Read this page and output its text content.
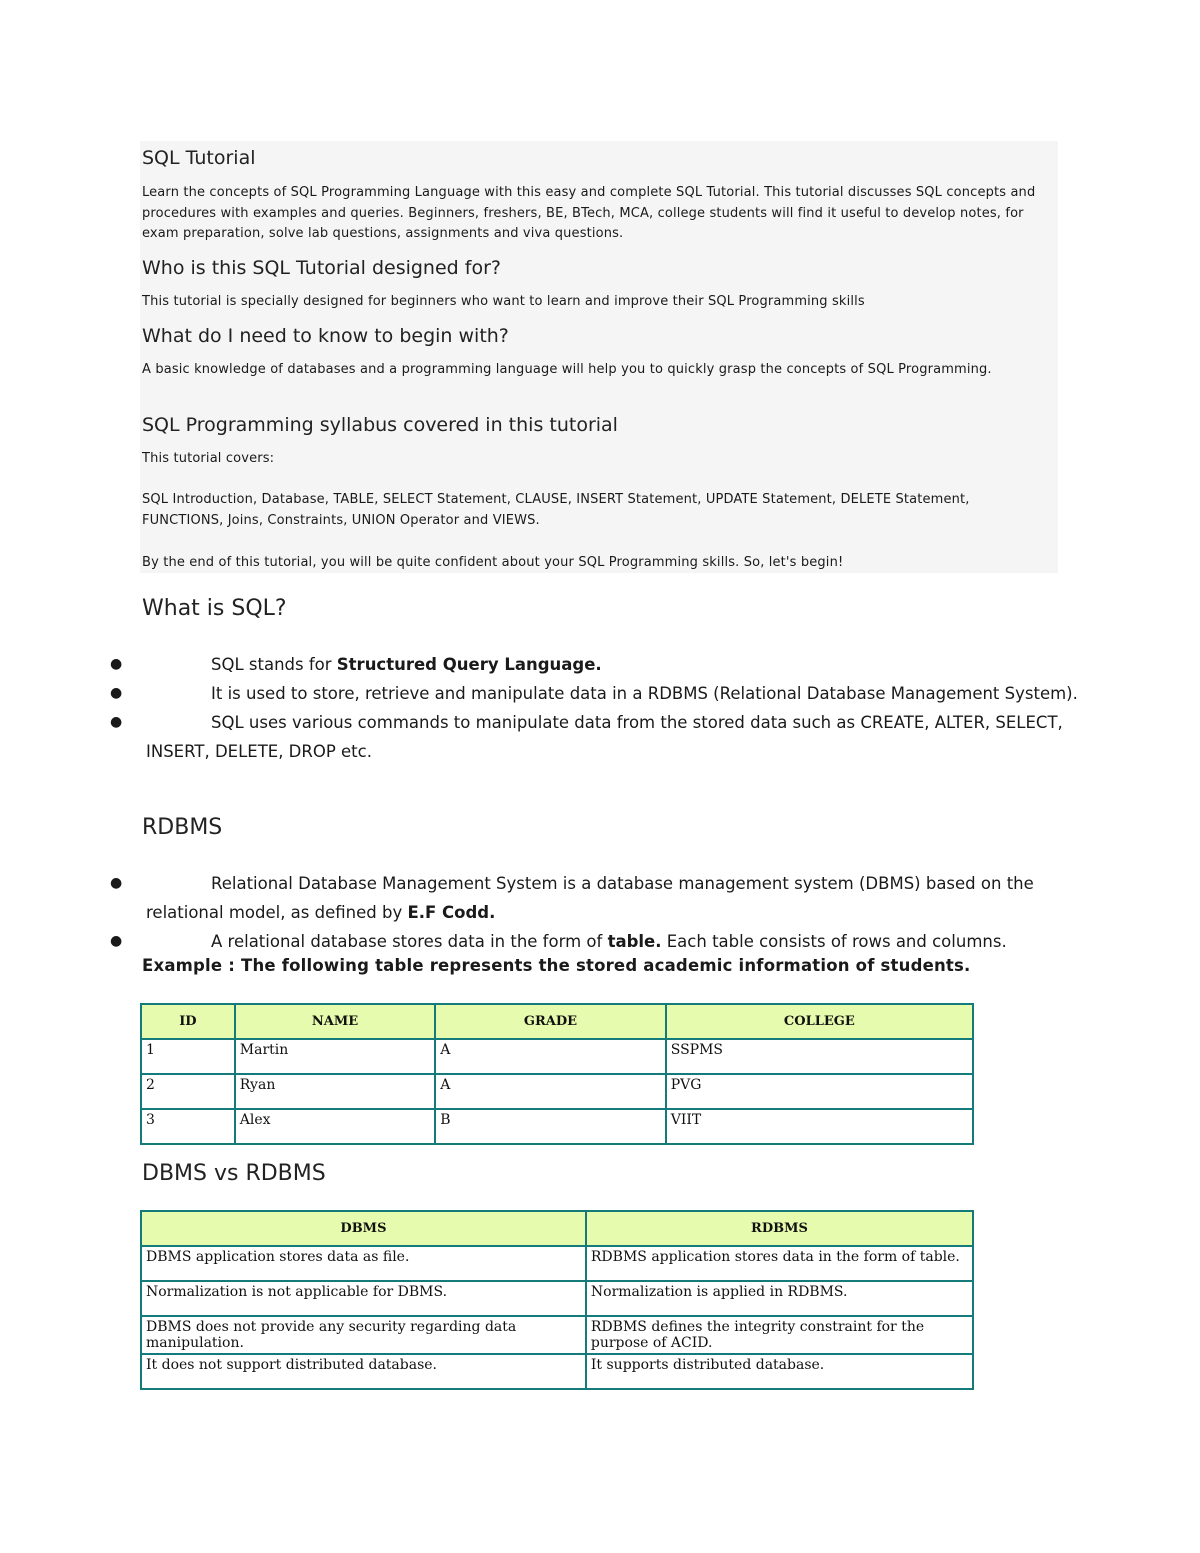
SQL Tutorial

Learn the concepts of SQL Programming Language with this easy and complete SQL Tutorial. This tutorial discusses SQL concepts and procedures with examples and queries. Beginners, freshers, BE, BTech, MCA, college students will find it useful to develop notes, for exam preparation, solve lab questions, assignments and viva questions.

Who is this SQL Tutorial designed for?

This tutorial is specially designed for beginners who want to learn and improve their SQL Programming skills

What do I need to know to begin with?

A basic knowledge of databases and a programming language will help you to quickly grasp the concepts of SQL Programming.

SQL Programming syllabus covered in this tutorial

This tutorial covers:

SQL Introduction, Database, TABLE, SELECT Statement, CLAUSE, INSERT Statement, UPDATE Statement, DELETE Statement, FUNCTIONS, Joins, Constraints, UNION Operator and VIEWS.

By the end of this tutorial, you will be quite confident about your SQL Programming skills. So, let's begin!

What is SQL?
●	SQL stands for Structured Query Language.
●	It is used to store, retrieve and manipulate data in a RDBMS (Relational Database Management System).
●	SQL uses various commands to manipulate data from the stored data such as CREATE, ALTER, SELECT, INSERT, DELETE, DROP etc.
RDBMS
●	Relational Database Management System is a database management system (DBMS) based on the relational model, as defined by E.F Codd.
●	A relational database stores data in the form of table. Each table consists of rows and columns.
Example : The following table represents the stored academic information of students.
ID	NAME	GRADE	COLLEGE
1	Martin	A	SSPMS
2	Ryan	A	PVG
3	Alex	B	VIIT
DBMS vs RDBMS
DBMS	RDBMS
DBMS application stores data as file.	RDBMS application stores data in the form of table.
Normalization is not applicable for DBMS.	Normalization is applied in RDBMS.
DBMS does not provide any security regarding data manipulation.	RDBMS defines the integrity constraint for the purpose of ACID.
It does not support distributed database.	It supports distributed database.
